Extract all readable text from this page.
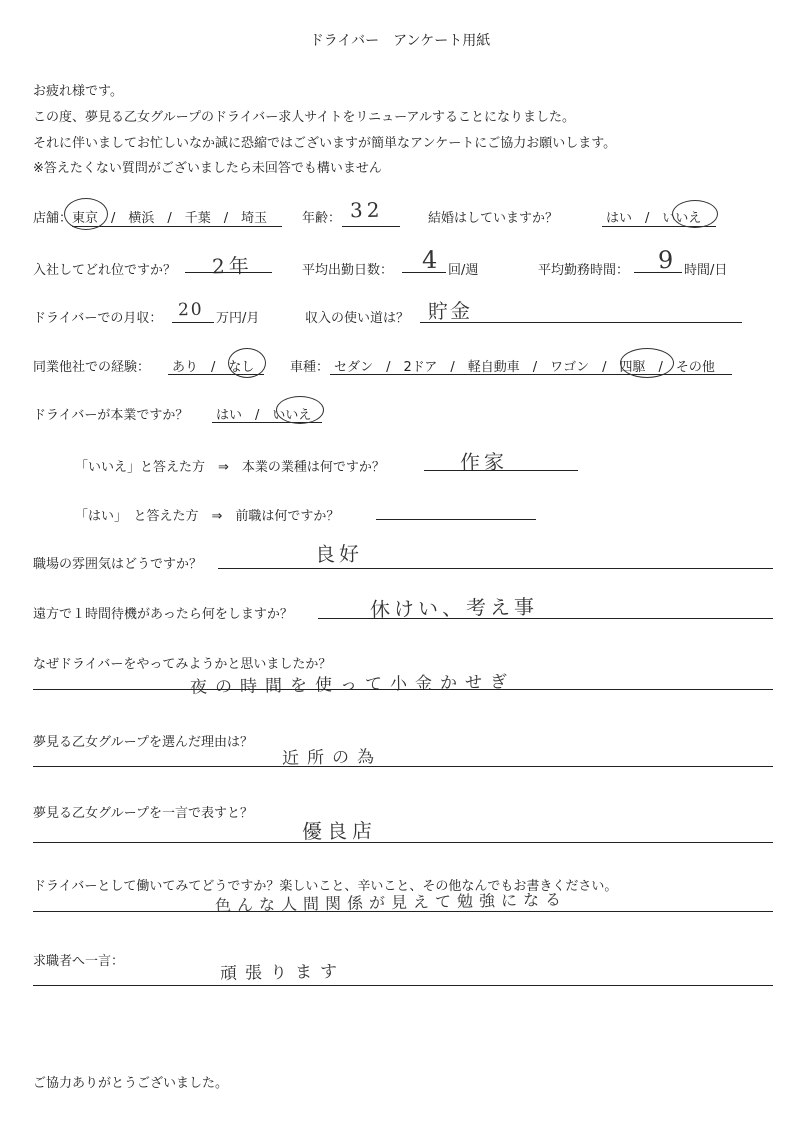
ドライバー　アンケート用紙
お疲れ様です。
この度、夢見る乙女グループのドライバー求人サイトをリニューアルすることになりました。
それに伴いましてお忙しいなか誠に恐縮ではございますが簡単なアンケートにご協力お願いします。
※答えたくない質問がございましたら未回答でも構いません
店舗： 東京　/　横浜　/　千葉　/　埼玉	年齢： 32	結婚はしていますか？	はい　/　いいえ
入社してどれ位ですか？ 2年	平均出勤日数： 4 回/週	平均勤務時間： 9 時間/日
ドライバーでの月収： 20 万円/月	収入の使い道は？ 貯金
同業他社での経験： あり　/　なし	車種： セダン　/　2ドア　/　軽自動車　/　ワゴン　/　四駆　/　その他
ドライバーが本業ですか？ はい　/　いいえ
「いいえ」と答えた方　⇒　本業の業種は何ですか？	作家
「はい」　と答えた方　⇒　前職は何ですか？
職場の雰囲気はどうですか？	良好
遠方で１時間待機があったら何をしますか？	休けい、考え事
なぜドライバーをやってみようかと思いましたか？
夜の時間を使って小金かせぎ
夢見る乙女グループを選んだ理由は？
近所の為
夢見る乙女グループを一言で表すと？
優良店
ドライバーとして働いてみてどうですか？楽しいこと、辛いこと、その他なんでもお書きください。
色んな人間関係が見えて勉強になる
求職者へ一言：
頑張ります
ご協力ありがとうございました。
